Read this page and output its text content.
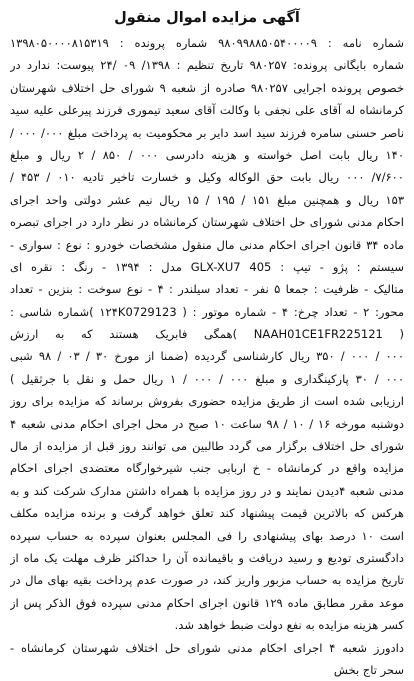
آگهی مزایده اموال منقول
شماره نامه : ۹۸۰۹۹۸۸۵۰۵۴۰۰۰۰۹ شماره پرونده : ۱۳۹۸۰۵۰۰۰۰۸۱۵۳۱۹
شماره بایگانی پرونده: ۹۸۰۲۵۷ تاریخ تنظیم : ۱۳۹۸/ ۰۹ /۲۴ پیوست: ندارد در
خصوص پرونده اجرایی ۹۸۰۲۵۷ صادره از شعبه ۹ شورای حل اختلاف شهرستان
کرمانشاه له آقای علی نجفی با وکالت آقای سعید تیموری فرزند پیرعلی علیه سید
ناصر حسنی سامره فرزند سید اسد دایر بر محکومیت به پرداخت مبلغ ۰۰۰/ ۰۰۰ /
۱۴۰ ریال بابت اصل خواسته و هزینه دادرسی ۰۰۰ / ۸۵۰ / ۲ ریال و مبلغ
۷/۶۰۰/ ۰۰۰ ریال بابت حق الوکاله وکیل و خسارت تاخیر تادیه ۰۱۰ / ۴۵۳ /
۱۵۳ ریال و همچنین مبلغ ۱۵۱ / ۱۹۵ / ۱۵ ریال نیم عشر دولتی واحد اجرای
احکام مدنی شورای حل اختلاف شهرستان کرمانشاه در نظر دارد در اجرای تبصره
ماده ۳۴ قانون اجرای احکام مدنی مال منقول مشخصات خودرو : نوع : سواری -
سیستم : پژو - تیپ : GLX-XU7 405 مدل : ۱۳۹۴ - رنگ : نقره ای
متالیک - ظرفیت : جمعا ۵ نفر - تعداد سیلندر : ۴ - نوع سوخت : بنزین - تعداد
محور: ۲ - تعداد چرخ: ۴ - شماره موتور : ( ۱۲۴K0729123 )شماره شاسی :
( NAAH01CE1FR225121 )همگی فابریک هستند که به ارزش
۰۰۰ / ۰۰۰ / ۳۵۰ ریال کارشناسی گردیده (ضمنا از مورخ ۳۰ / ۰۳ / ۹۸ شبی
۰۰۰ / ۳۰ پارکینگداری و مبلغ ۰۰۰ / ۰۰۰ / ۱ ریال حمل و نقل با جرثقیل )
ارزیابی شده است از طریق مزایده حضوری بفروش برساند که مزایده برای روز
دوشنبه مورخه ۱۶ / ۱۰ / ۹۸ ساعت ۱۰ صبح در محل اجرای احکام مدنی شعبه ۴
شورای حل اختلاف برگزار می گردد طالبین می توانند روز قبل از مزایده از مال
مزایده واقع در کرمانشاه - خ اربابی جنب شیرخوارگاه معتضدی اجرای احکام
مدنی شعبه ۴دیدن نمایند و در روز مزایده با همراه داشتن مدارک شرکت کند و به
هرکس که بالاترین قیمت پیشنهاد کند تعلق خواهد گرفت و برنده مزایده مکلف
است ۱۰ درصد بهای پیشنهادی را فی المجلس بعنوان سپرده به حساب سپرده
دادگستری تودیع و رسید دریافت و باقیمانده آن را حداکثر ظرف مهلت یک ماه از
تاریخ مزایده به حساب مزبور واریز کند، در صورت عدم پرداخت بقیه بهای مال در
موعد مقرر مطابق ماده ۱۲۹ قانون اجرای احکام مدنی سپرده فوق الذکر پس از
کسر هزینه مزایده به نفع دولت ضبط خواهد شد.
دادورز شعبه ۴ اجرای احکام مدنی شورای حل اختلاف شهرستان کرمانشاه -
سحر تاج بخش
